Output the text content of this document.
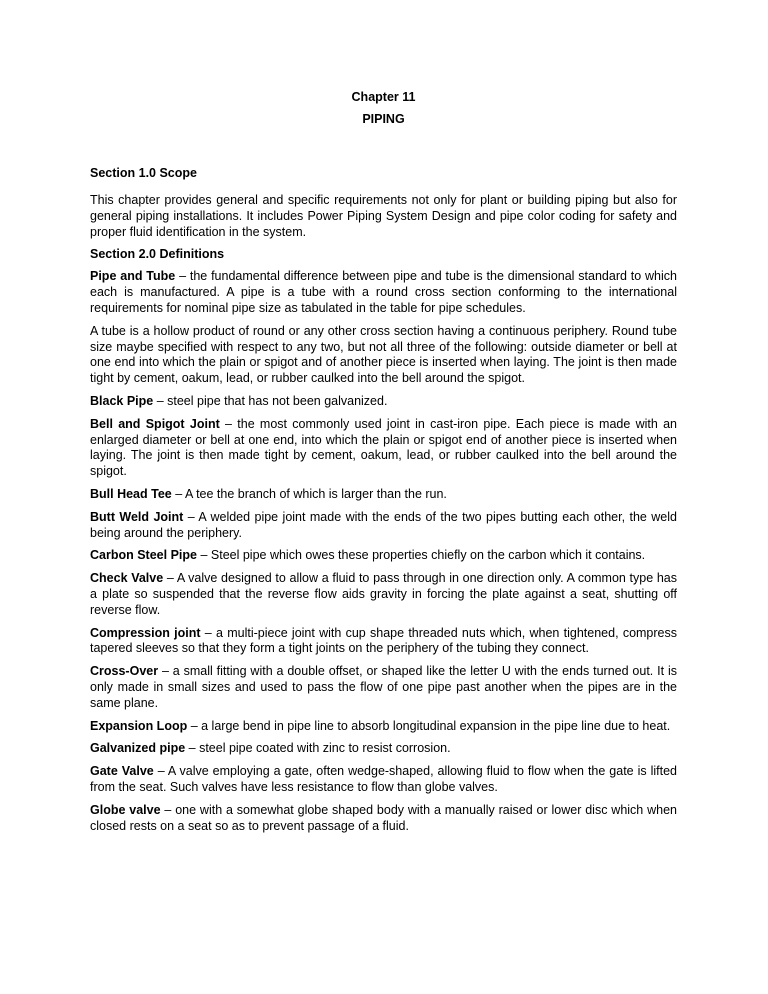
Chapter 11
PIPING
Section 1.0 Scope

This chapter provides general and specific requirements not only for plant or building piping but also for general piping installations. It includes Power Piping System Design and pipe color coding for safety and proper fluid identification in the system.

Section 2.0 Definitions

Pipe and Tube – the fundamental difference between pipe and tube is the dimensional standard to which each is manufactured. A pipe is a tube with a round cross section conforming to the international requirements for nominal pipe size as tabulated in the table for pipe schedules.

A tube is a hollow product of round or any other cross section having a continuous periphery. Round tube size maybe specified with respect to any two, but not all three of the following: outside diameter or bell at one end into which the plain or spigot and of another piece is inserted when laying. The joint is then made tight by cement, oakum, lead, or rubber caulked into the bell around the spigot.

Black Pipe – steel pipe that has not been galvanized.

Bell and Spigot Joint – the most commonly used joint in cast-iron pipe. Each piece is made with an enlarged diameter or bell at one end, into which the plain or spigot end of another piece is inserted when laying. The joint is then made tight by cement, oakum, lead, or rubber caulked into the bell around the spigot.

Bull Head Tee – A tee the branch of which is larger than the run.

Butt Weld Joint – A welded pipe joint made with the ends of the two pipes butting each other, the weld being around the periphery.

Carbon Steel Pipe – Steel pipe which owes these properties chiefly on the carbon which it contains.

Check Valve – A valve designed to allow a fluid to pass through in one direction only. A common type has a plate so suspended that the reverse flow aids gravity in forcing the plate against a seat, shutting off reverse flow.

Compression joint – a multi-piece joint with cup shape threaded nuts which, when tightened, compress tapered sleeves so that they form a tight joints on the periphery of the tubing they connect.

Cross-Over – a small fitting with a double offset, or shaped like the letter U with the ends turned out. It is only made in small sizes and used to pass the flow of one pipe past another when the pipes are in the same plane.

Expansion Loop – a large bend in pipe line to absorb longitudinal expansion in the pipe line due to heat.

Galvanized pipe – steel pipe coated with zinc to resist corrosion.

Gate Valve – A valve employing a gate, often wedge-shaped, allowing fluid to flow when the gate is lifted from the seat. Such valves have less resistance to flow than globe valves.

Globe valve – one with a somewhat globe shaped body with a manually raised or lower disc which when closed rests on a seat so as to prevent passage of a fluid.
